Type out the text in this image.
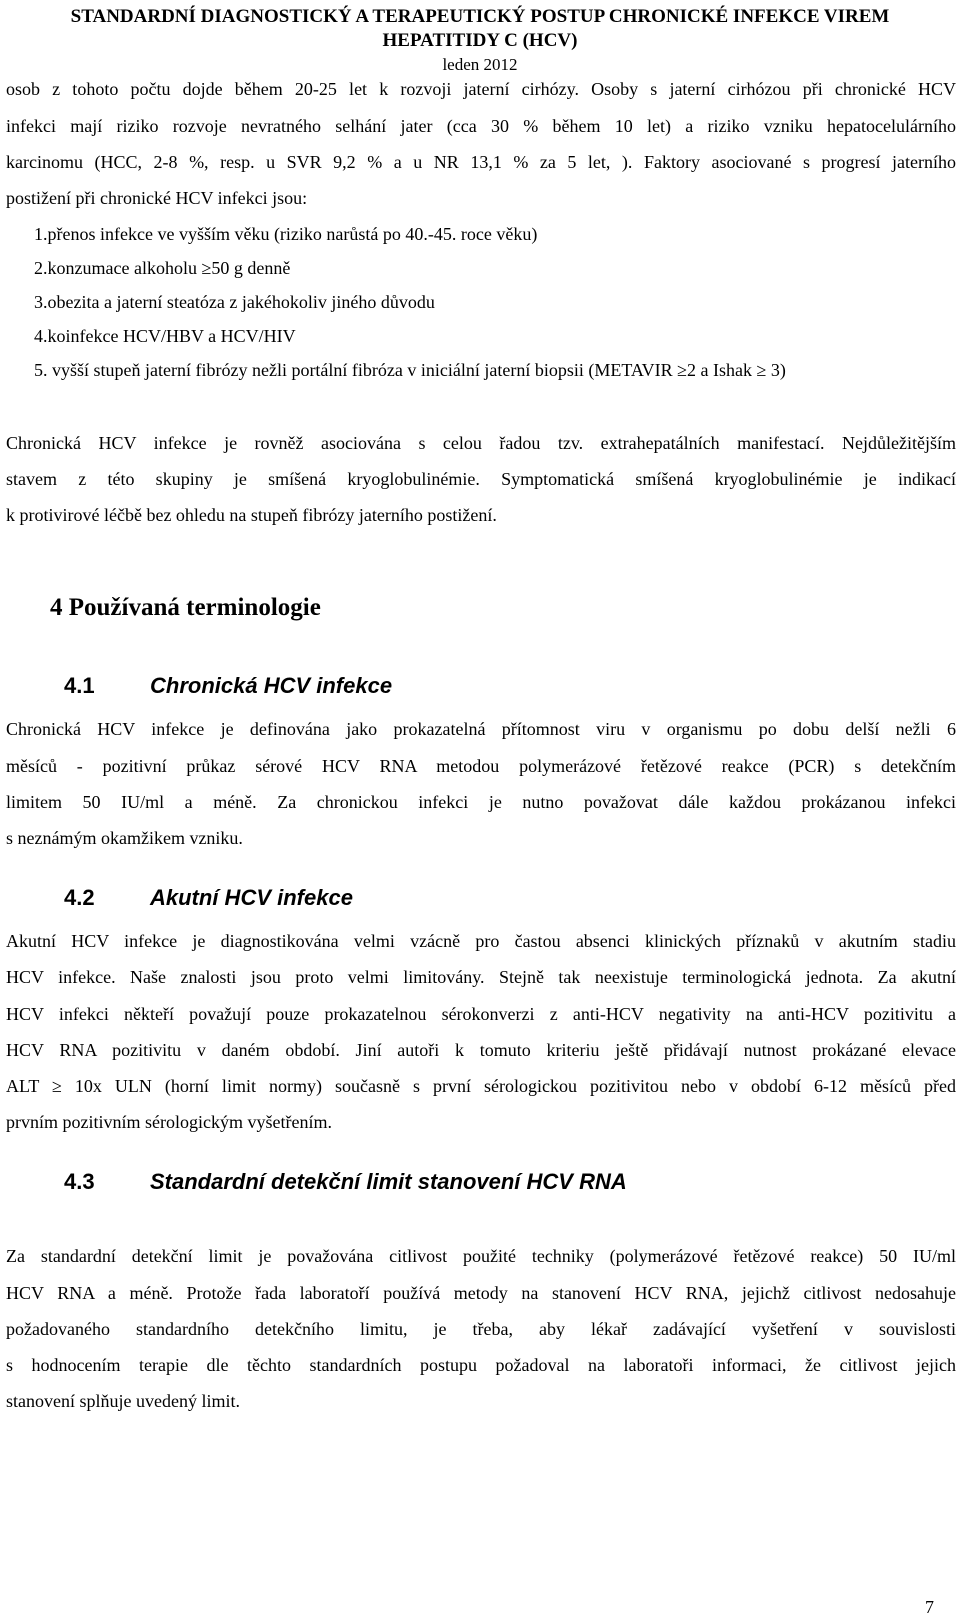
STANDARDNÍ DIAGNOSTICKÝ A TERAPEUTICKÝ POSTUP CHRONICKÉ INFEKCE VIREM
HEPATITIDY C (HCV)
leden 2012
osob z tohoto počtu dojde během 20-25 let k rozvoji jaterní cirhózy. Osoby s jaterní cirhózou při chronické HCV
infekci mají riziko rozvoje nevratného selhání jater (cca 30 % během 10 let) a riziko vzniku hepatocelulárního
karcinomu (HCC, 2-8 %, resp. u SVR 9,2 % a u NR 13,1 % za 5 let, ). Faktory asociované s progresí jaterního
postižení při chronické HCV infekci jsou:
1.přenos infekce ve vyšším věku (riziko narůstá po 40.-45. roce věku)
2.konzumace alkoholu ≥50 g denně
3.obezita a jaterní steatóza z jakéhokoliv jiného důvodu
4.koinfekce HCV/HBV a HCV/HIV
5. vyšší stupeň jaterní fibrózy nežli portální fibróza v iniciální jaterní biopsii (METAVIR ≥2 a Ishak ≥ 3)
Chronická HCV infekce je rovněž asociována s celou řadou tzv. extrahepatálních manifestací. Nejdůležitějším
stavem z této skupiny je smíšená kryoglobulinémie. Symptomatická smíšená kryoglobulinémie je indikací
k protivirové léčbě bez ohledu na stupeň fibrózy jaterního postižení.
4 Používaná terminologie
4.1	Chronická HCV infekce
Chronická HCV infekce je definována jako prokazatelná přítomnost viru v organismu po dobu delší nežli 6
měsíců - pozitivní průkaz sérové HCV RNA metodou polymerázové řetězové reakce (PCR) s detekčním
limitem 50 IU/ml a méně. Za chronickou infekci je nutno považovat dále každou prokázanou infekci
s neznámým okamžikem vzniku.
4.2	Akutní HCV infekce
Akutní HCV infekce je diagnostikována velmi vzácně pro častou absenci klinických příznaků v akutním stadiu
HCV infekce. Naše znalosti jsou proto velmi limitovány. Stejně tak neexistuje terminologická jednota. Za akutní
HCV infekci někteří považují pouze prokazatelnou sérokonverzi z anti-HCV negativity na anti-HCV pozitivitu a
HCV RNA pozitivitu v daném období. Jiní autoři k tomuto kriteriu ještě přidávají nutnost prokázané elevace
ALT ≥ 10x ULN (horní limit normy) současně s první sérologickou pozitivitou nebo v období 6-12 měsíců před
prvním pozitivním sérologickým vyšetřením.
4.3	Standardní detekční limit stanovení HCV RNA
Za standardní detekční limit je považována citlivost použité techniky (polymerázové řetězové reakce) 50 IU/ml
HCV RNA a méně. Protože řada laboratoří používá metody na stanovení HCV RNA, jejichž citlivost nedosahuje
požadovaného standardního detekčního limitu, je třeba, aby lékař zadávající vyšetření v souvislosti
s hodnocením terapie dle těchto standardních postupu požadoval na laboratoři informaci, že citlivost jejich
stanovení splňuje uvedený limit.
7
